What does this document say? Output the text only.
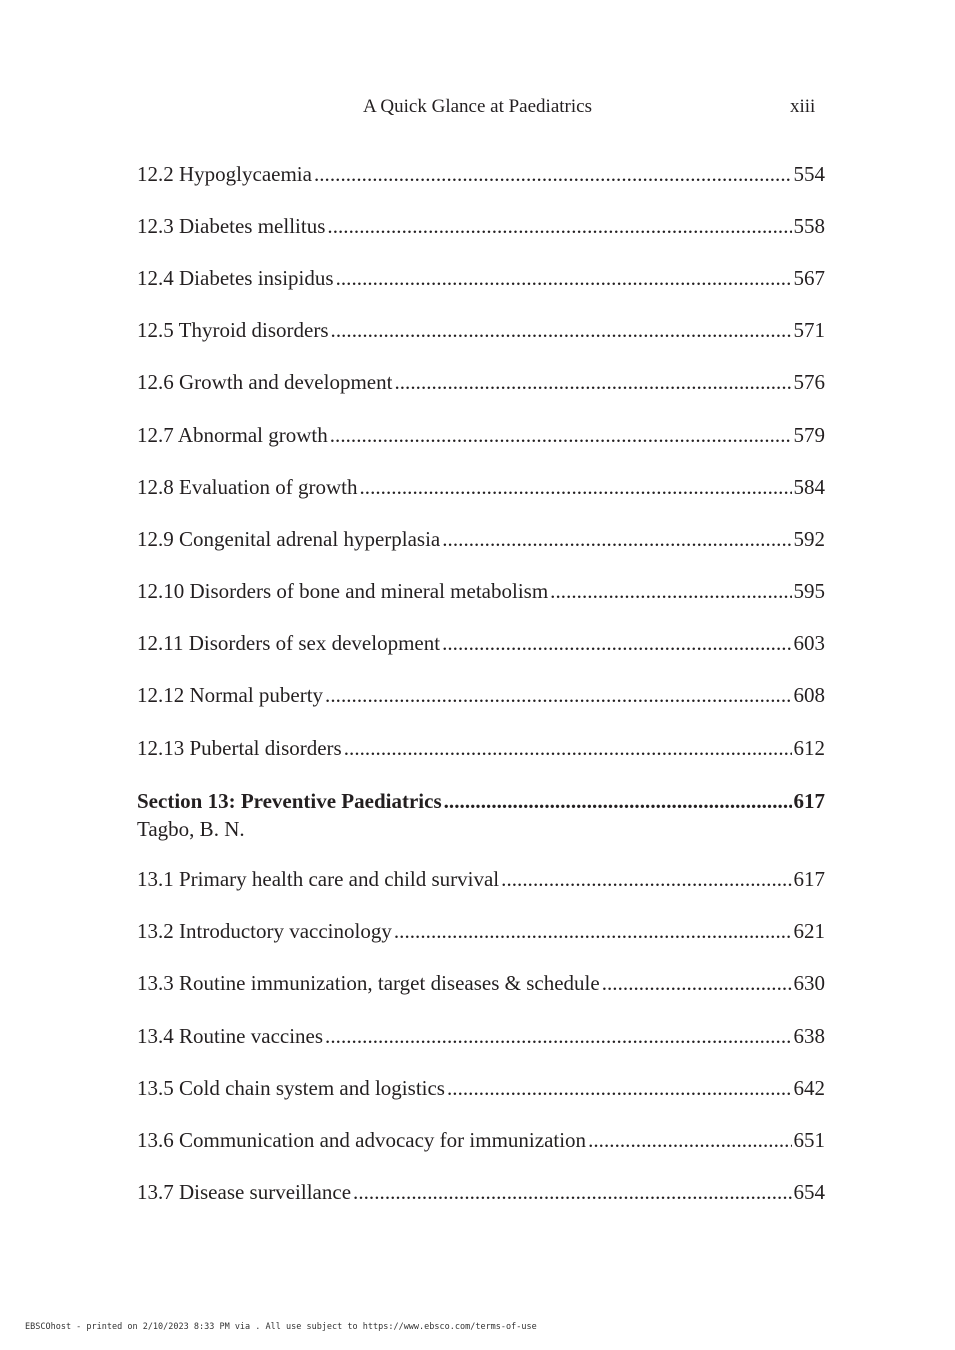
A Quick Glance at Paediatrics	xiii
12.2 Hypoglycaemia . . .	554
12.3 Diabetes mellitus . . .	558
12.4 Diabetes insipidus . . .	567
12.5 Thyroid disorders . . .	571
12.6 Growth and development . . .	576
12.7 Abnormal growth . . .	579
12.8 Evaluation of growth . . .	584
12.9 Congenital adrenal hyperplasia . . .	592
12.10 Disorders of bone and mineral metabolism . . .	595
12.11 Disorders of sex development . . .	603
12.12 Normal puberty . . .	608
12.13 Pubertal disorders . . .	612
Section 13: Preventive Paediatrics . . .	617
Tagbo, B. N.
13.1 Primary health care and child survival . . .	617
13.2 Introductory vaccinology . . .	621
13.3 Routine immunization, target diseases & schedule . . .	630
13.4 Routine vaccines . . .	638
13.5 Cold chain system and logistics . . .	642
13.6 Communication and advocacy for immunization . . .	651
13.7 Disease surveillance . . .	654
EBSCOhost - printed on 2/10/2023 8:33 PM via . All use subject to https://www.ebsco.com/terms-of-use
